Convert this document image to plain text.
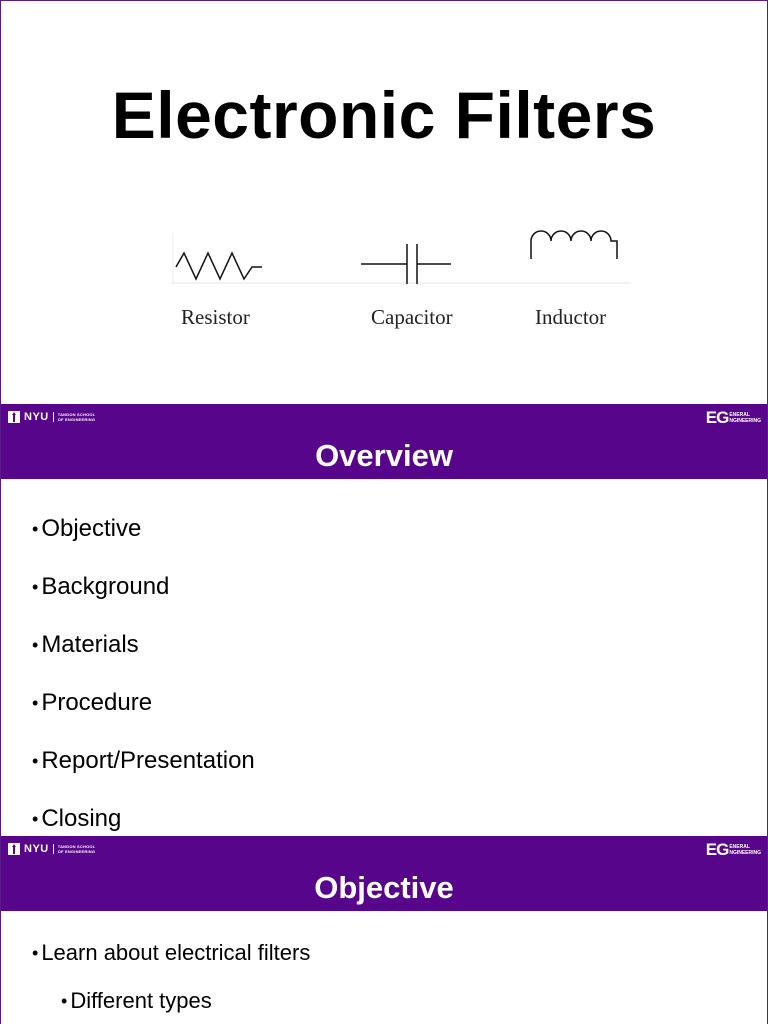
Electronic Filters
Resistor	Capacitor	Inductor
NYU TANDON SCHOOL
OF ENGINEERING	EG ENERAL
NGINEERING
Overview
• Objective
• Background
• Materials
• Procedure
• Report/Presentation
• Closing
NYU TANDON SCHOOL
OF ENGINEERING	EG ENERAL
NGINEERING
Objective
• Learn about electrical filters
• Different types
